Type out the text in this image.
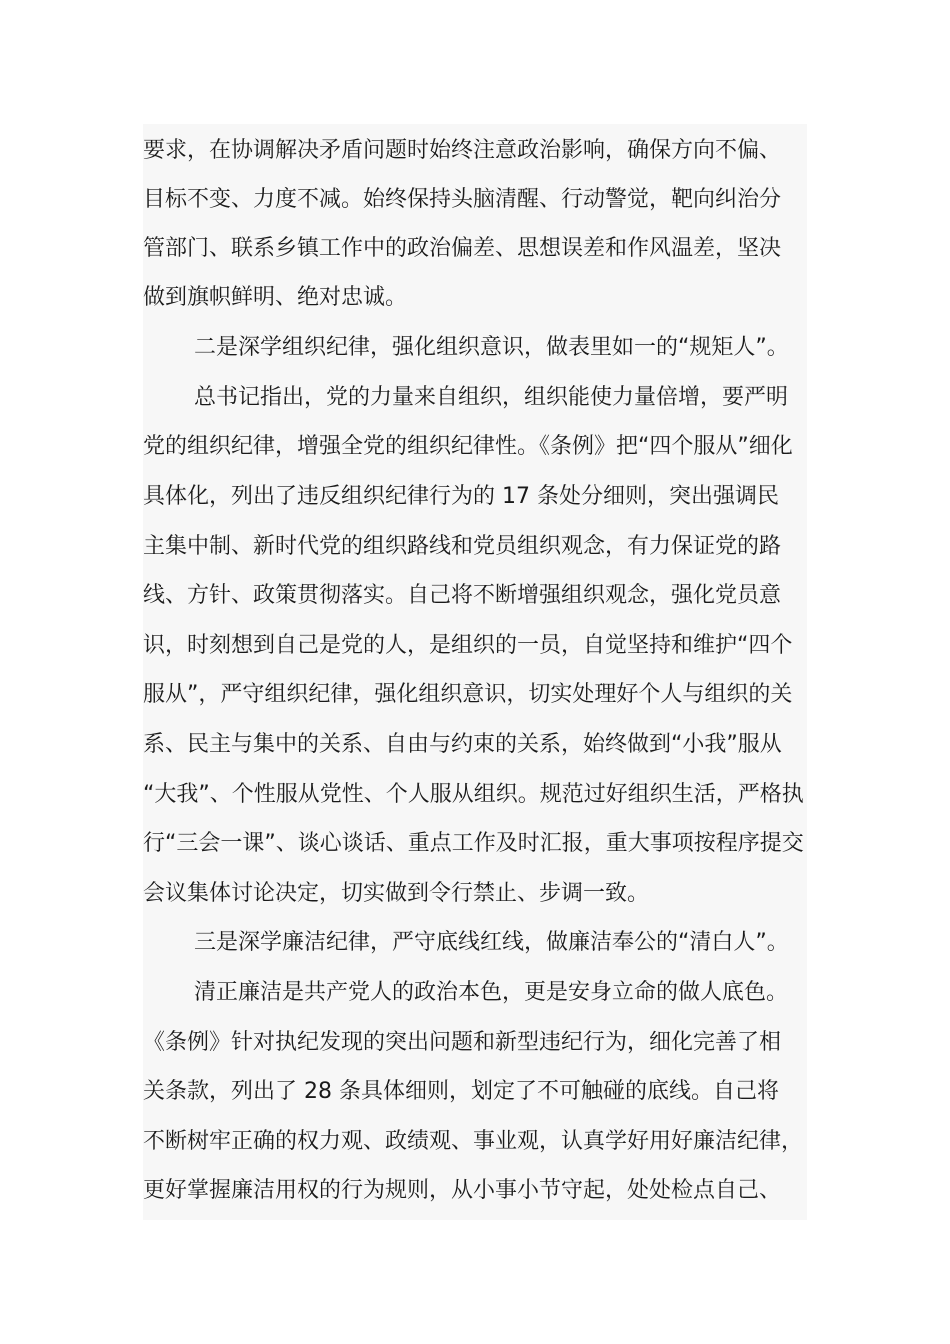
要求，在协调解决矛盾问题时始终注意政治影响，确保方向不偏、
目标不变、力度不减。始终保持头脑清醒、行动警觉，靶向纠治分
管部门、联系乡镇工作中的政治偏差、思想误差和作风温差，坚决
做到旗帜鲜明、绝对忠诚。
二是深学组织纪律，强化组织意识，做表里如一的“规矩人”。
总书记指出，党的力量来自组织，组织能使力量倍增，要严明
党的组织纪律，增强全党的组织纪律性。《条例》把“四个服从”细化
具体化，列出了违反组织纪律行为的 17 条处分细则，突出强调民
主集中制、新时代党的组织路线和党员组织观念，有力保证党的路
线、方针、政策贯彻落实。自己将不断增强组织观念，强化党员意
识，时刻想到自己是党的人，是组织的一员，自觉坚持和维护“四个
服从”，严守组织纪律，强化组织意识，切实处理好个人与组织的关
系、民主与集中的关系、自由与约束的关系，始终做到“小我”服从
“大我”、个性服从党性、个人服从组织。规范过好组织生活，严格执
行“三会一课”、谈心谈话、重点工作及时汇报，重大事项按程序提交
会议集体讨论决定，切实做到令行禁止、步调一致。
三是深学廉洁纪律，严守底线红线，做廉洁奉公的“清白人”。
清正廉洁是共产党人的政治本色，更是安身立命的做人底色。
《条例》针对执纪发现的突出问题和新型违纪行为，细化完善了相
关条款，列出了 28 条具体细则，划定了不可触碰的底线。自己将
不断树牢正确的权力观、政绩观、事业观，认真学好用好廉洁纪律，
更好掌握廉洁用权的行为规则，从小事小节守起，处处检点自己、
